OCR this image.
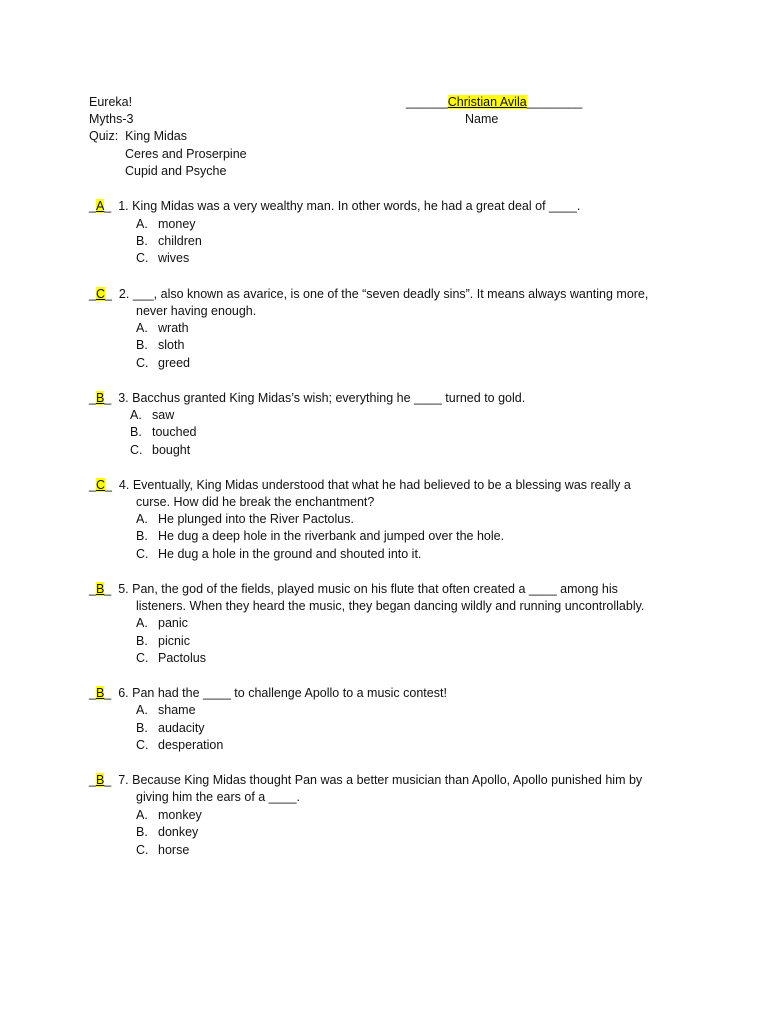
Eureka!
Myths-3
Quiz: King Midas
Ceres and Proserpine
Cupid and Psyche
______Christian Avila________
Name
_A_  1. King Midas was a very wealthy man. In other words, he had a great deal of ____.
A. money
B. children
C. wives
_C_  2. ___, also known as avarice, is one of the “seven deadly sins”. It means always wanting more,
never having enough.
A. wrath
B. sloth
C. greed
_B_  3. Bacchus granted King Midas’s wish; everything he ____ turned to gold.
A. saw
B. touched
C. bought
_C_  4. Eventually, King Midas understood that what he had believed to be a blessing was really a
curse. How did he break the enchantment?
A. He plunged into the River Pactolus.
B. He dug a deep hole in the riverbank and jumped over the hole.
C. He dug a hole in the ground and shouted into it.
_B_  5. Pan, the god of the fields, played music on his flute that often created a ____ among his
listeners. When they heard the music, they began dancing wildly and running uncontrollably.
A. panic
B. picnic
C. Pactolus
_B_  6. Pan had the ____ to challenge Apollo to a music contest!
A. shame
B. audacity
C. desperation
_B_  7. Because King Midas thought Pan was a better musician than Apollo, Apollo punished him by
giving him the ears of a ____.
A. monkey
B. donkey
C. horse
